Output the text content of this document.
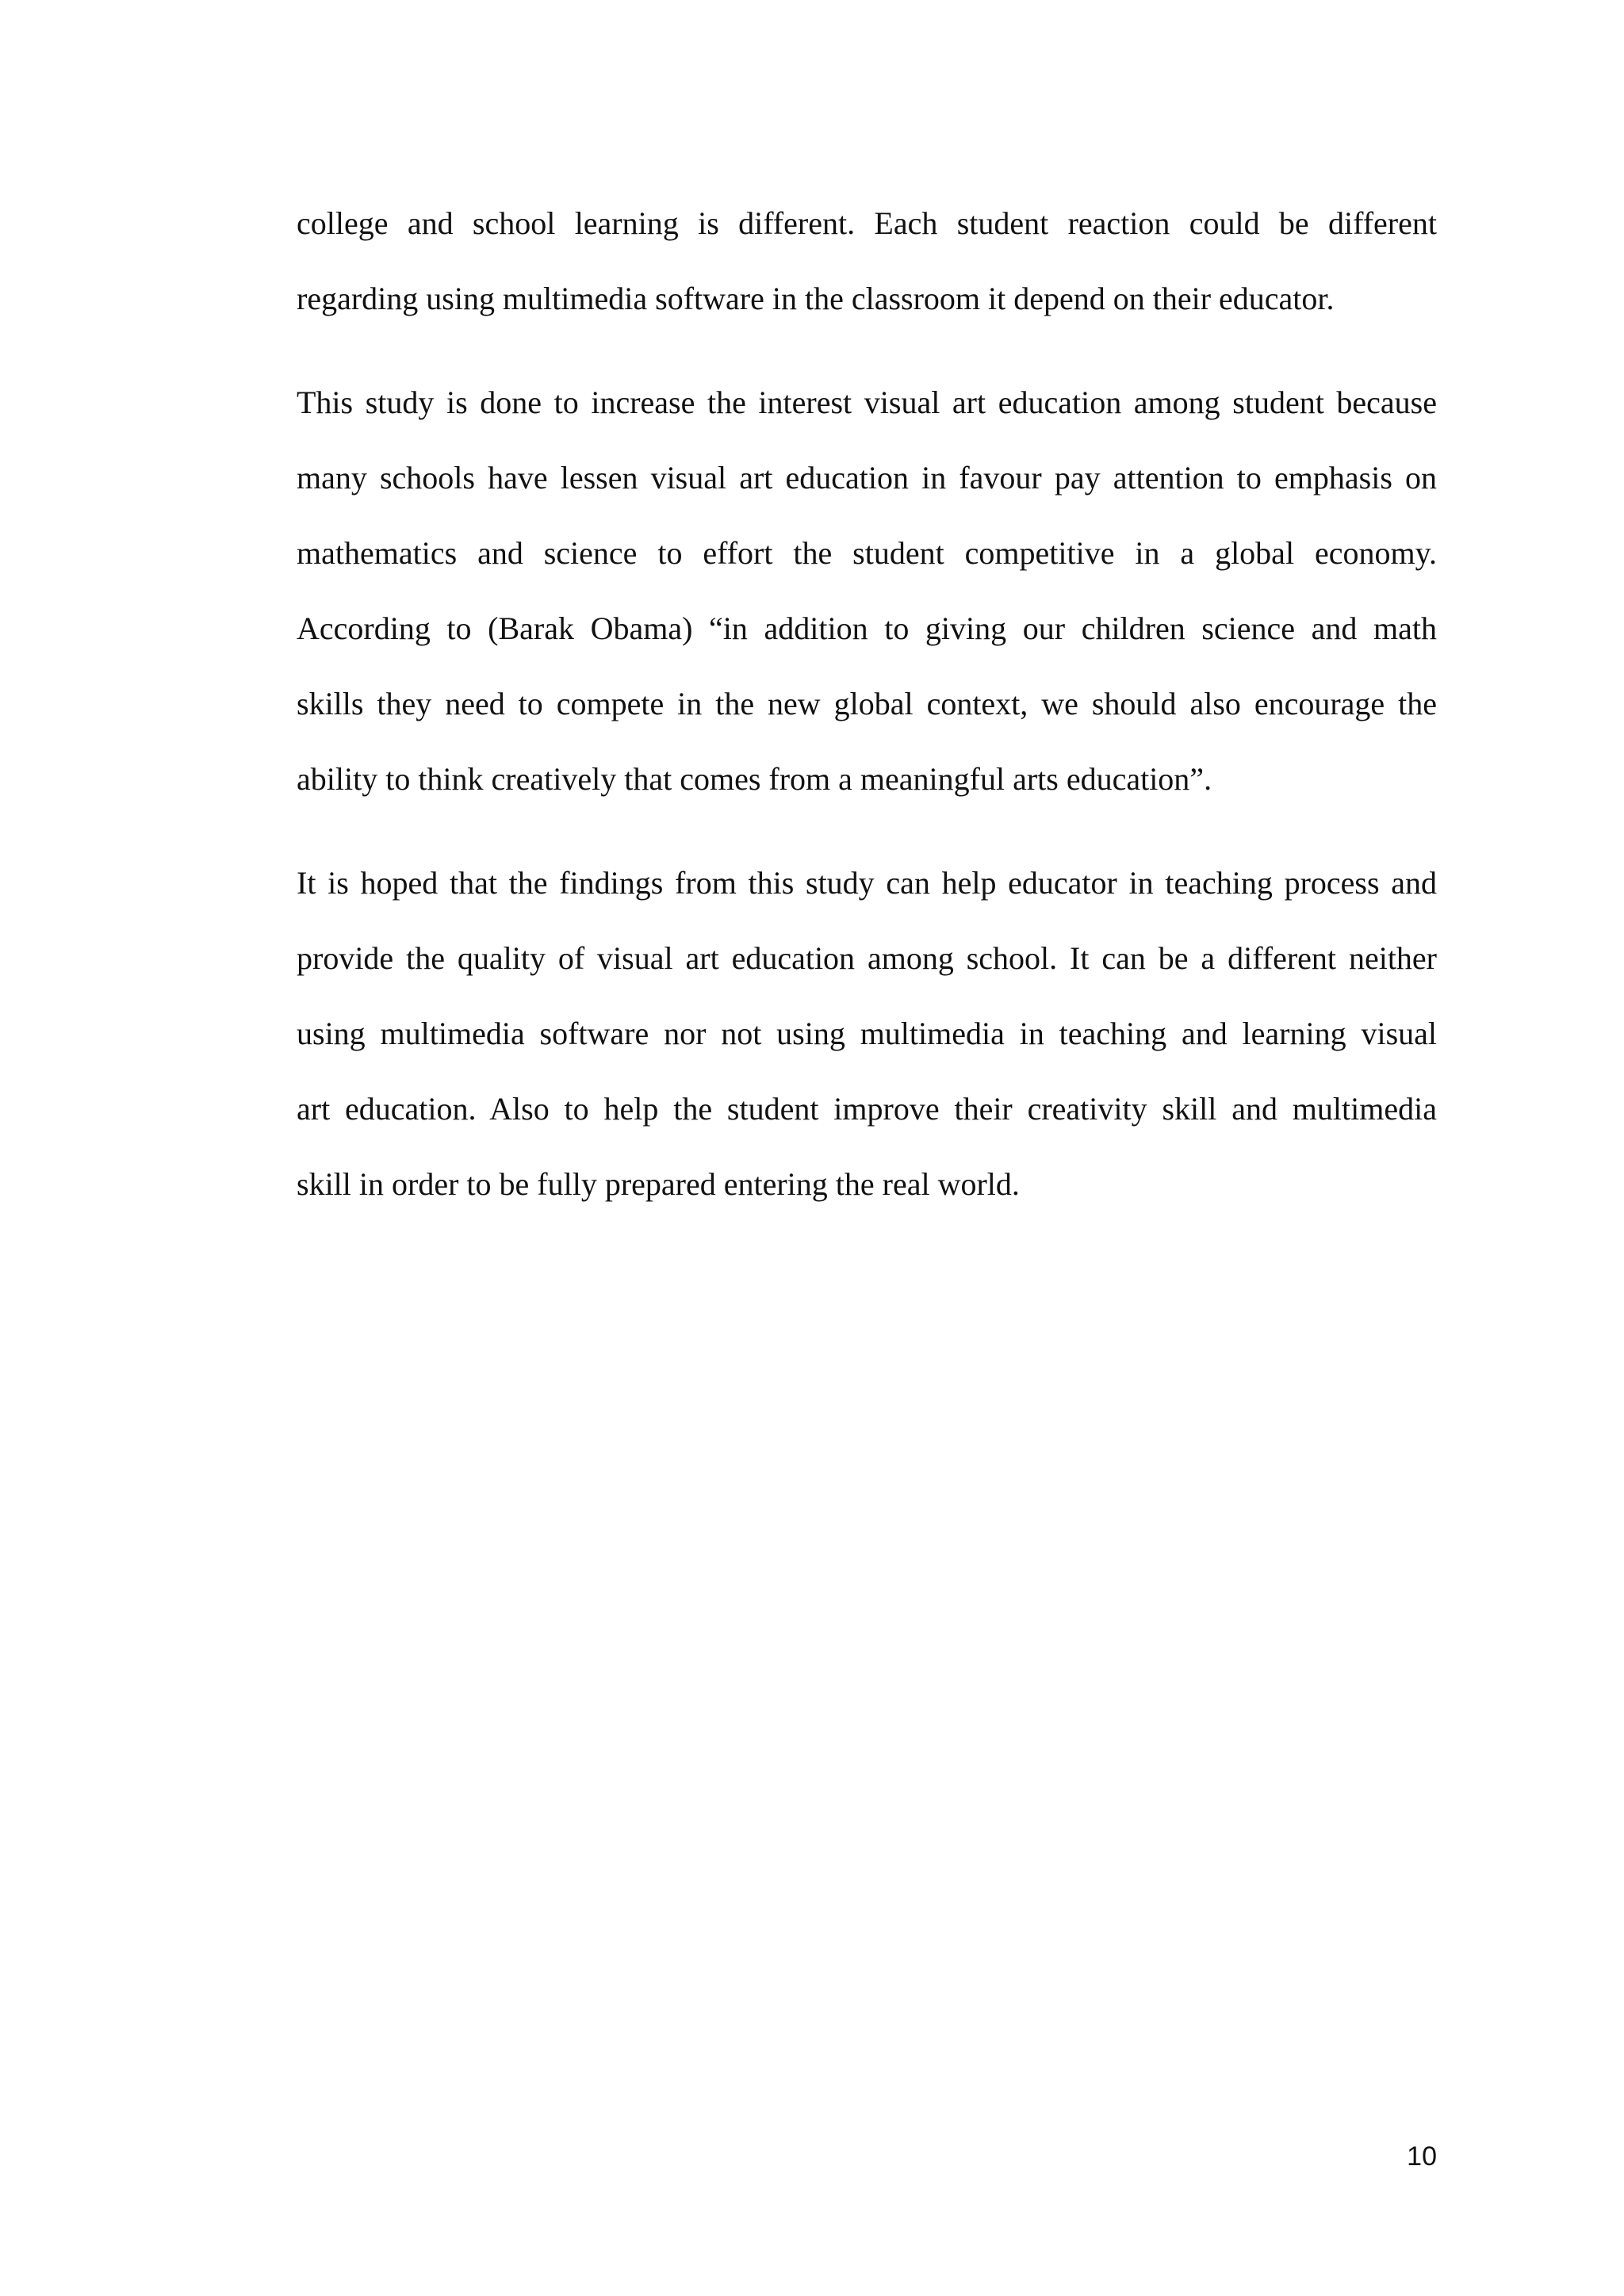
college and school learning is different. Each student reaction could be different
regarding using multimedia software in the classroom it depend on their educator.

This study is done to increase the interest visual art education among student because
many schools have lessen visual art education in favour pay attention to emphasis on
mathematics and science to effort the student competitive in a global economy.
According to (Barak Obama) “in addition to giving our children science and math
skills they need to compete in the new global context, we should also encourage the
ability to think creatively that comes from a meaningful arts education”.

It is hoped that the findings from this study can help educator in teaching process and
provide the quality of visual art education among school. It can be a different neither
using multimedia software nor not using multimedia in teaching and learning visual
art education. Also to help the student improve their creativity skill and multimedia
skill in order to be fully prepared entering the real world.

10
